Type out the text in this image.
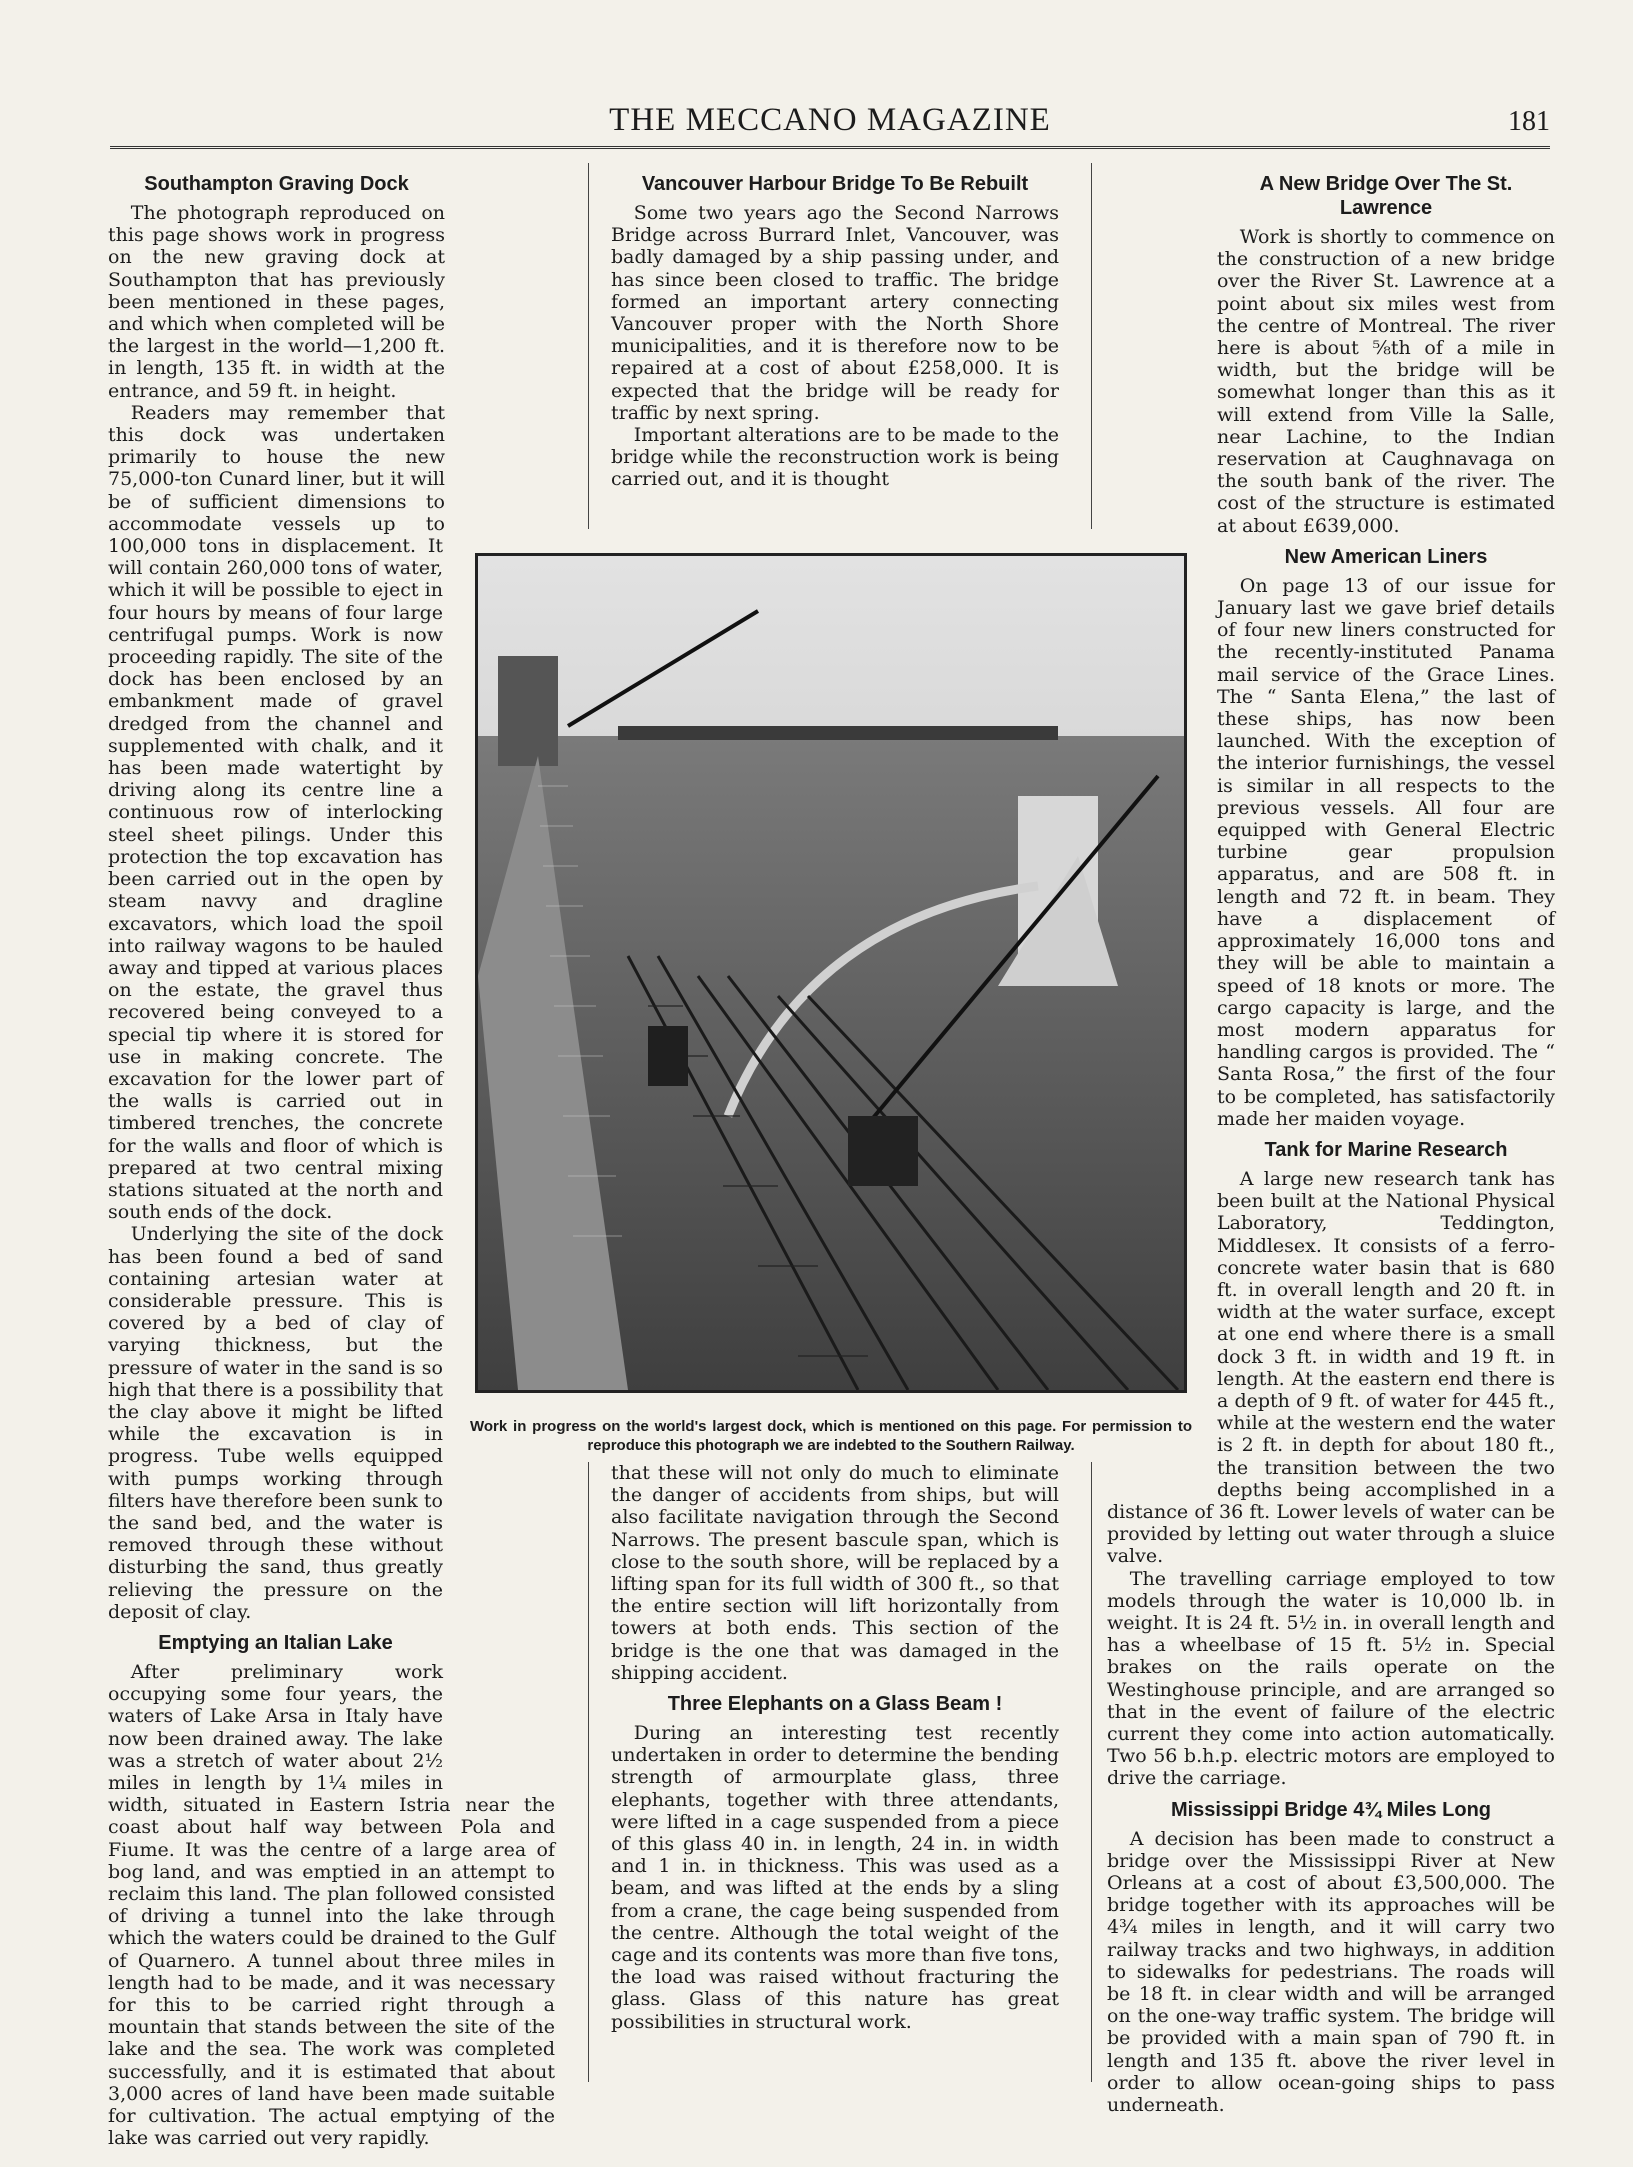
THE MECCANO MAGAZINE	181
Southampton Graving Dock

The photograph reproduced on this page shows work in progress on the new graving dock at Southampton that has previously been mentioned in these pages, and which when completed will be the largest in the world—1,200 ft. in length, 135 ft. in width at the entrance, and 59 ft. in height.

Readers may remember that this dock was undertaken primarily to house the new 75,000-ton Cunard liner, but it will be of sufficient dimensions to accommodate vessels up to 100,000 tons in displacement. It will contain 260,000 tons of water, which it will be possible to eject in four hours by means of four large centrifugal pumps. Work is now proceeding rapidly. The site of the dock has been enclosed by an embankment made of gravel dredged from the channel and supplemented with chalk, and it has been made watertight by driving along its centre line a continuous row of interlocking steel sheet pilings. Under this protection the top excavation has been carried out in the open by steam navvy and dragline excavators, which load the spoil into railway wagons to be hauled away and tipped at various places on the estate, the gravel thus recovered being conveyed to a special tip where it is stored for use in making concrete. The excavation for the lower part of the walls is carried out in timbered trenches, the concrete for the walls and floor of which is prepared at two central mixing stations situated at the north and south ends of the dock.

Underlying the site of the dock has been found a bed of sand containing artesian water at considerable pressure. This is covered by a bed of clay of varying thickness, but the pressure of water in the sand is so high that there is a possibility that the clay above it might be lifted while the excavation is in progress. Tube wells equipped with pumps working through filters have therefore been sunk to the sand bed, and the water is removed through these without disturbing the sand, thus greatly relieving the pressure on the deposit of clay.

Emptying an Italian Lake

After preliminary work occupying some four years, the waters of Lake Arsa in Italy have now been drained away. The lake was a stretch of water about 2½ miles in length by 1¼ miles in width, situated in Eastern Istria near the coast about half way between Pola and Fiume. It was the centre of a large area of bog land, and was emptied in an attempt to reclaim this land. The plan followed consisted of driving a tunnel into the lake through which the waters could be drained to the Gulf of Quarnero. A tunnel about three miles in length had to be made, and it was necessary for this to be carried right through a mountain that stands between the site of the lake and the sea. The work was completed successfully, and it is estimated that about 3,000 acres of land have been made suitable for cultivation. The actual emptying of the lake was carried out very rapidly.

Vancouver Harbour Bridge To Be Rebuilt

Some two years ago the Second Narrows Bridge across Burrard Inlet, Vancouver, was badly damaged by a ship passing under, and has since been closed to traffic. The bridge formed an important artery connecting Vancouver proper with the North Shore municipalities, and it is therefore now to be repaired at a cost of about £258,000. It is expected that the bridge will be ready for traffic by next spring.

Important alterations are to be made to the bridge while the reconstruction work is being carried out, and it is thought

that these will not only do much to eliminate the danger of accidents from ships, but will also facilitate navigation through the Second Narrows. The present bascule span, which is close to the south shore, will be replaced by a lifting span for its full width of 300 ft., so that the entire section will lift horizontally from towers at both ends. This section of the bridge is the one that was damaged in the shipping accident.

Three Elephants on a Glass Beam !

During an interesting test recently undertaken in order to determine the bending strength of armourplate glass, three elephants, together with three attendants, were lifted in a cage suspended from a piece of this glass 40 in. in length, 24 in. in width and 1 in. in thickness. This was used as a beam, and was lifted at the ends by a sling from a crane, the cage being suspended from the centre. Although the total weight of the cage and its contents was more than five tons, the load was raised without fracturing the glass. Glass of this nature has great possibilities in structural work.

A New Bridge Over The St. Lawrence

Work is shortly to commence on the construction of a new bridge over the River St. Lawrence at a point about six miles west from the centre of Montreal. The river here is about ⅝th of a mile in width, but the bridge will be somewhat longer than this as it will extend from Ville la Salle, near Lachine, to the Indian reservation at Caughnavaga on the south bank of the river. The cost of the structure is estimated at about £639,000.

New American Liners

On page 13 of our issue for January last we gave brief details of four new liners constructed for the recently-instituted Panama mail service of the Grace Lines. The “ Santa Elena,” the last of these ships, has now been launched. With the exception of the interior furnishings, the vessel is similar in all respects to the previous vessels. All four are equipped with General Electric turbine gear propulsion apparatus, and are 508 ft. in length and 72 ft. in beam. They have a displacement of approximately 16,000 tons and they will be able to maintain a speed of 18 knots or more. The cargo capacity is large, and the most modern apparatus for handling cargos is provided. The “ Santa Rosa,” the first of the four to be completed, has satisfactorily made her maiden voyage.

Tank for Marine Research

A large new research tank has been built at the National Physical Laboratory, Teddington, Middlesex. It consists of a ferro-concrete water basin that is 680 ft. in overall length and 20 ft. in width at the water surface, except at one end where there is a small dock 3 ft. in width and 19 ft. in length. At the eastern end there is a depth of 9 ft. of water for 445 ft., while at the western end the water is 2 ft. in depth for about 180 ft., the transition between the two depths being accomplished in a distance of 36 ft. Lower levels of water can be provided by letting out water through a sluice valve.

The travelling carriage employed to tow models through the water is 10,000 lb. in weight. It is 24 ft. 5½ in. in overall length and has a wheelbase of 15 ft. 5½ in. Special brakes on the rails operate on the Westinghouse principle, and are arranged so that in the event of failure of the electric current they come into action automatically. Two 56 b.h.p. electric motors are employed to drive the carriage.

Mississippi Bridge 4¾ Miles Long

A decision has been made to construct a bridge over the Mississippi River at New Orleans at a cost of about £3,500,000. The bridge together with its approaches will be 4¾ miles in length, and it will carry two railway tracks and two highways, in addition to sidewalks for pedestrians. The roads will be 18 ft. in clear width and will be arranged on the one-way traffic system. The bridge will be provided with a main span of 790 ft. in length and 135 ft. above the river level in order to allow ocean-going ships to pass underneath.

Work in progress on the world's largest dock, which is mentioned on this page. For permission to reproduce this photograph we are indebted to the Southern Railway.
